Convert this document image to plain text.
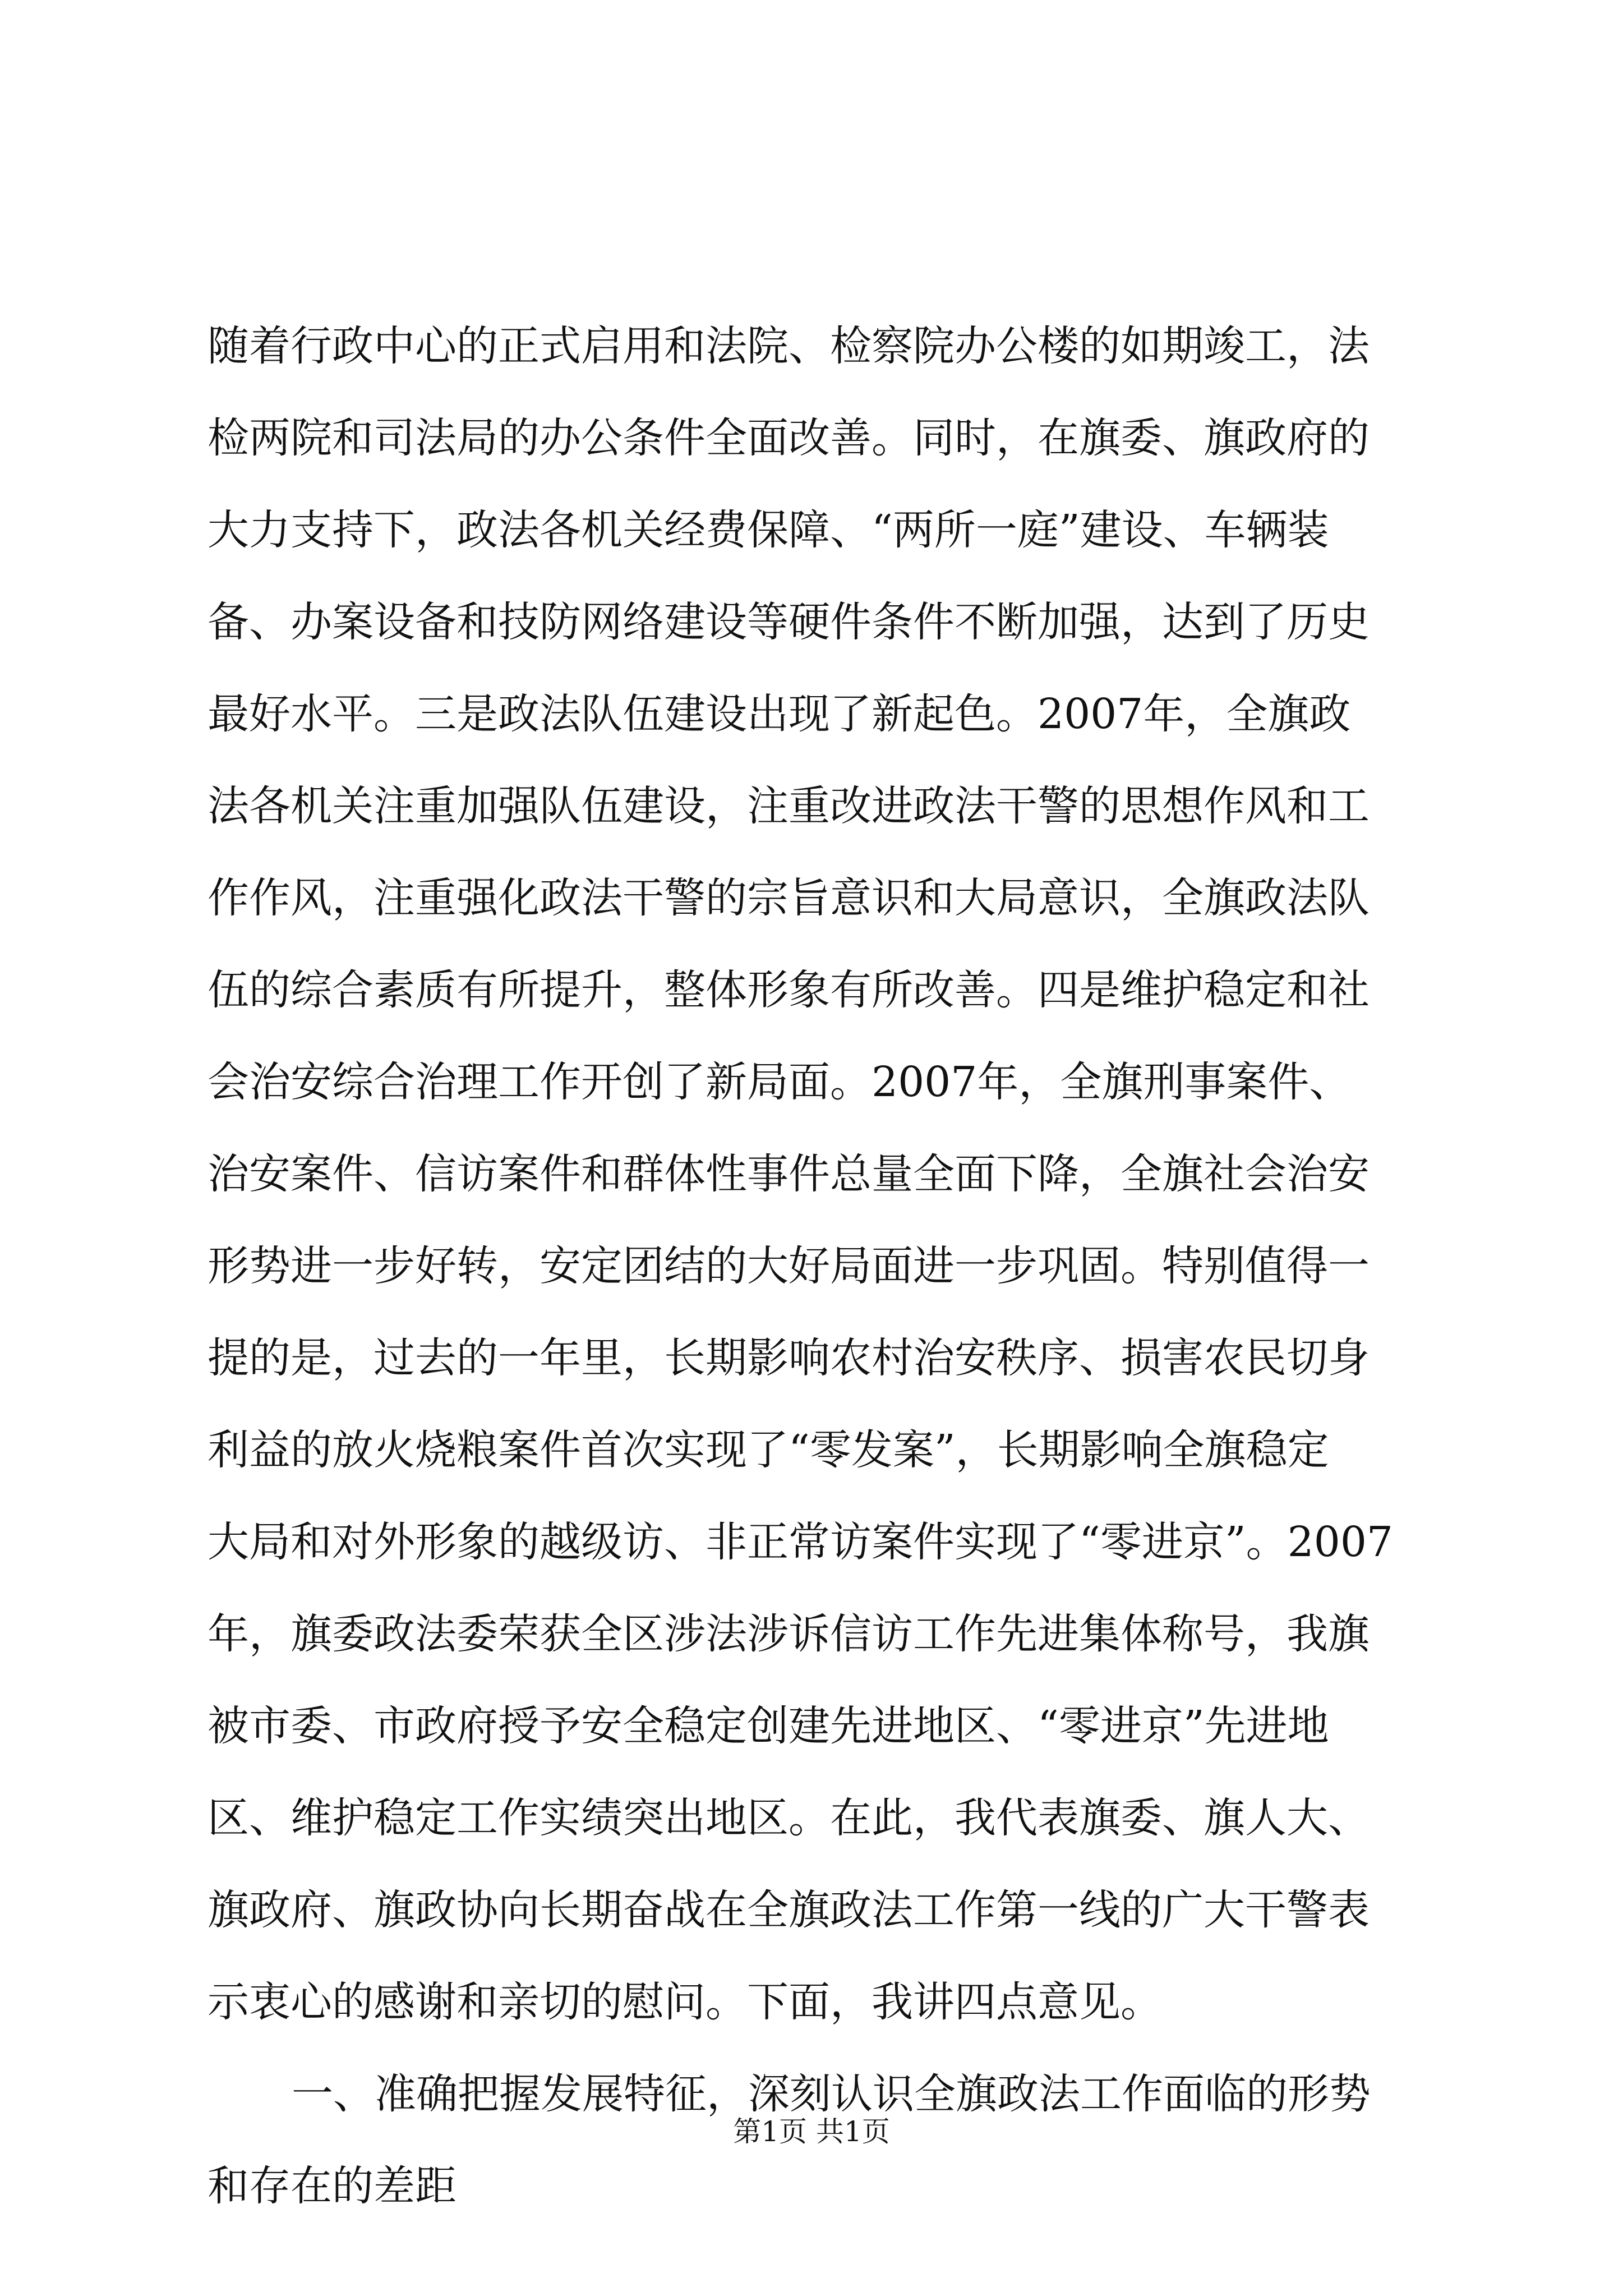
随着行政中心的正式启用和法院、检察院办公楼的如期竣工，法
检两院和司法局的办公条件全面改善。同时，在旗委、旗政府的
大力支持下，政法各机关经费保障、“两所一庭”建设、车辆装
备、办案设备和技防网络建设等硬件条件不断加强，达到了历史
最好水平。三是政法队伍建设出现了新起色。2007年，全旗政
法各机关注重加强队伍建设，注重改进政法干警的思想作风和工
作作风，注重强化政法干警的宗旨意识和大局意识，全旗政法队
伍的综合素质有所提升，整体形象有所改善。四是维护稳定和社
会治安综合治理工作开创了新局面。2007年，全旗刑事案件、
治安案件、信访案件和群体性事件总量全面下降，全旗社会治安
形势进一步好转，安定团结的大好局面进一步巩固。特别值得一
提的是，过去的一年里，长期影响农村治安秩序、损害农民切身
利益的放火烧粮案件首次实现了“零发案”，长期影响全旗稳定
大局和对外形象的越级访、非正常访案件实现了“零进京”。2007
年，旗委政法委荣获全区涉法涉诉信访工作先进集体称号，我旗
被市委、市政府授予安全稳定创建先进地区、“零进京”先进地
区、维护稳定工作实绩突出地区。在此，我代表旗委、旗人大、
旗政府、旗政协向长期奋战在全旗政法工作第一线的广大干警表
示衷心的感谢和亲切的慰问。下面，我讲四点意见。
一、准确把握发展特征，深刻认识全旗政法工作面临的形势
和存在的差距
第1页 共1页
